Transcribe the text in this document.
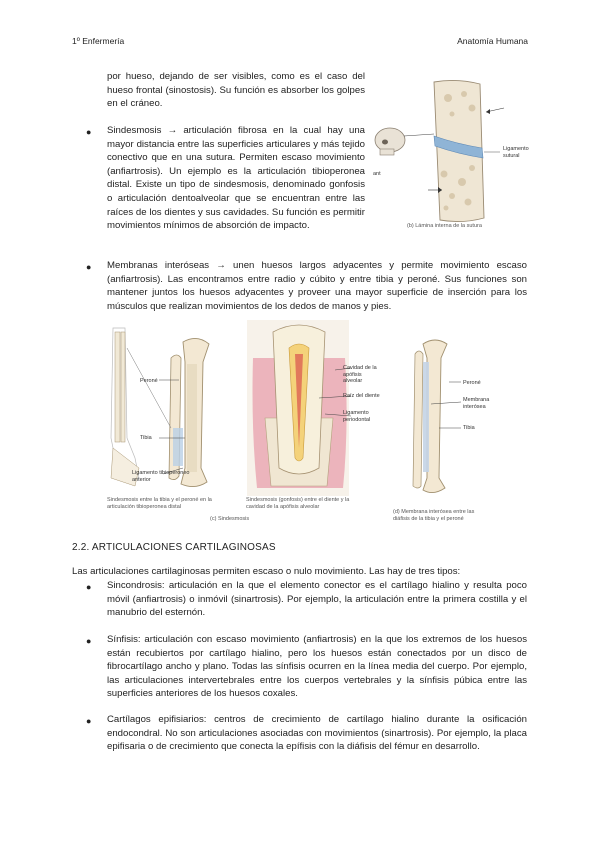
1º Enfermería	Anatomía Humana

por hueso, dejando de ser visibles, como es el caso del hueso frontal (sinostosis). Su función es absorber los golpes en el cráneo.

● Sindesmosis → articulación fibrosa en la cual hay una mayor distancia entre las superficies articulares y más tejido conectivo que en una sutura. Permiten escaso movimiento (anfiartrosis). Un ejemplo es la articulación tibioperonea distal. Existe un tipo de sindesmosis, denominado gonfosis o articulación dentoalveolar que se encuentran entre las raíces de los dientes y sus cavidades. Su función es permitir movimientos mínimos de absorción de impacto.

Ligamento sutural
ant
(b) Lámina interna de la sutura
● Membranas interóseas → unen huesos largos adyacentes y permite movimiento escaso (anfiartrosis). Las encontramos entre radio y cúbito y entre tibia y peroné. Sus funciones son mantener juntos los huesos adyacentes y proveer una mayor superficie de inserción para los músculos que realizan movimientos de los dedos de manos y pies.

Peroné
Tibia
Ligamento tibioperoneo anterior
Cavidad de la apófisis alveolar
Raíz del diente
Ligamento periodontal
Peroné
Membrana interósea
Tibia
Sindesmosis entre la tibia y el peroné en la articulación tibioperonea distal
Sindesmosis (gonfosis) entre el diente y la cavidad de la apófisis alveolar
(c) Sindesmosis
(d) Membrana interósea entre las diáfisis de la tibia y el peroné
2.2. ARTICULACIONES CARTILAGINOSAS

Las articulaciones cartilaginosas permiten escaso o nulo movimiento. Las hay de tres tipos:

● Sincondrosis: articulación en la que el elemento conector es el cartílago hialino y resulta poco móvil (anfiartrosis) o inmóvil (sinartrosis). Por ejemplo, la articulación entre la primera costilla y el manubrio del esternón.

● Sínfisis: articulación con escaso movimiento (anfiartrosis) en la que los extremos de los huesos están recubiertos por cartílago hialino, pero los huesos están conectados por un disco de fibrocartílago ancho y plano. Todas las sínfisis ocurren en la línea media del cuerpo. Por ejemplo, las articulaciones intervertebrales entre los cuerpos vertebrales y la sínfisis púbica entre las superficies anteriores de los huesos coxales.

● Cartílagos epifisiarios: centros de crecimiento de cartílago hialino durante la osificación endocondral. No son articulaciones asociadas con movimientos (sinartrosis). Por ejemplo, la placa epifisaria o de crecimiento que conecta la epífisis con la diáfisis del fémur en desarrollo.
